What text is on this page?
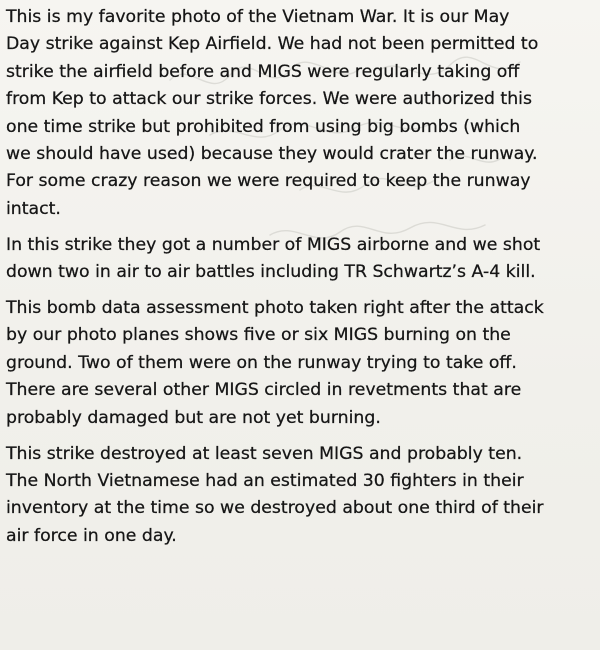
This is my favorite photo of the Vietnam War. It is our May
Day strike against Kep Airfield. We had not been permitted to
strike the airfield before and MIGS were regularly taking off
from Kep to attack our strike forces. We were authorized this
one time strike but prohibited from using big bombs (which
we should have used) because they would crater the runway.
For some crazy reason we were required to keep the runway
intact.

In this strike they got a number of MIGS airborne and we shot
down two in air to air battles including TR Schwartz’s A-4 kill.

This bomb data assessment photo taken right after the attack
by our photo planes shows five or six MIGS burning on the
ground. Two of them were on the runway trying to take off.
There are several other MIGS circled in revetments that are
probably damaged but are not yet burning.

This strike destroyed at least seven MIGS and probably ten.
The North Vietnamese had an estimated 30 fighters in their
inventory at the time so we destroyed about one third of their
air force in one day.
